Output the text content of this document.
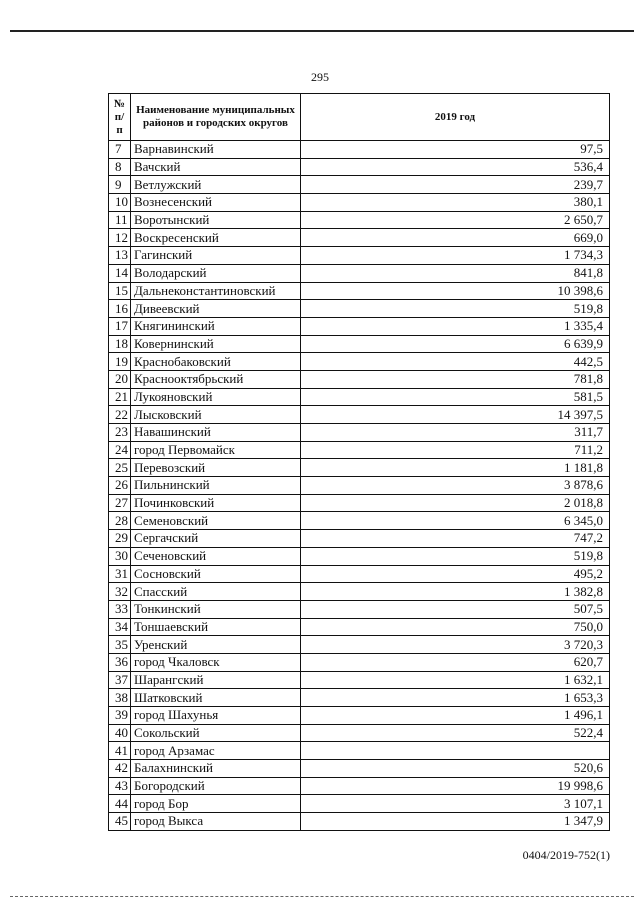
295
№ п/п	Наименование муниципальных районов и городских округов	2019 год
7	Варнавинский	97,5
8	Вачский	536,4
9	Ветлужский	239,7
10	Вознесенский	380,1
11	Воротынский	2 650,7
12	Воскресенский	669,0
13	Гагинский	1 734,3
14	Володарский	841,8
15	Дальнеконстантиновский	10 398,6
16	Дивеевский	519,8
17	Княгининский	1 335,4
18	Ковернинский	6 639,9
19	Краснобаковский	442,5
20	Краснооктябрьский	781,8
21	Лукояновский	581,5
22	Лысковский	14 397,5
23	Навашинский	311,7
24	город Первомайск	711,2
25	Перевозский	1 181,8
26	Пильнинский	3 878,6
27	Починковский	2 018,8
28	Семеновский	6 345,0
29	Сергачский	747,2
30	Сеченовский	519,8
31	Сосновский	495,2
32	Спасский	1 382,8
33	Тонкинский	507,5
34	Тоншаевский	750,0
35	Уренский	3 720,3
36	город Чкаловск	620,7
37	Шарангский	1 632,1
38	Шатковский	1 653,3
39	город Шахунья	1 496,1
40	Сокольский	522,4
41	город Арзамас	
42	Балахнинский	520,6
43	Богородский	19 998,6
44	город Бор	3 107,1
45	город Выкса	1 347,9
0404/2019-752(1)
